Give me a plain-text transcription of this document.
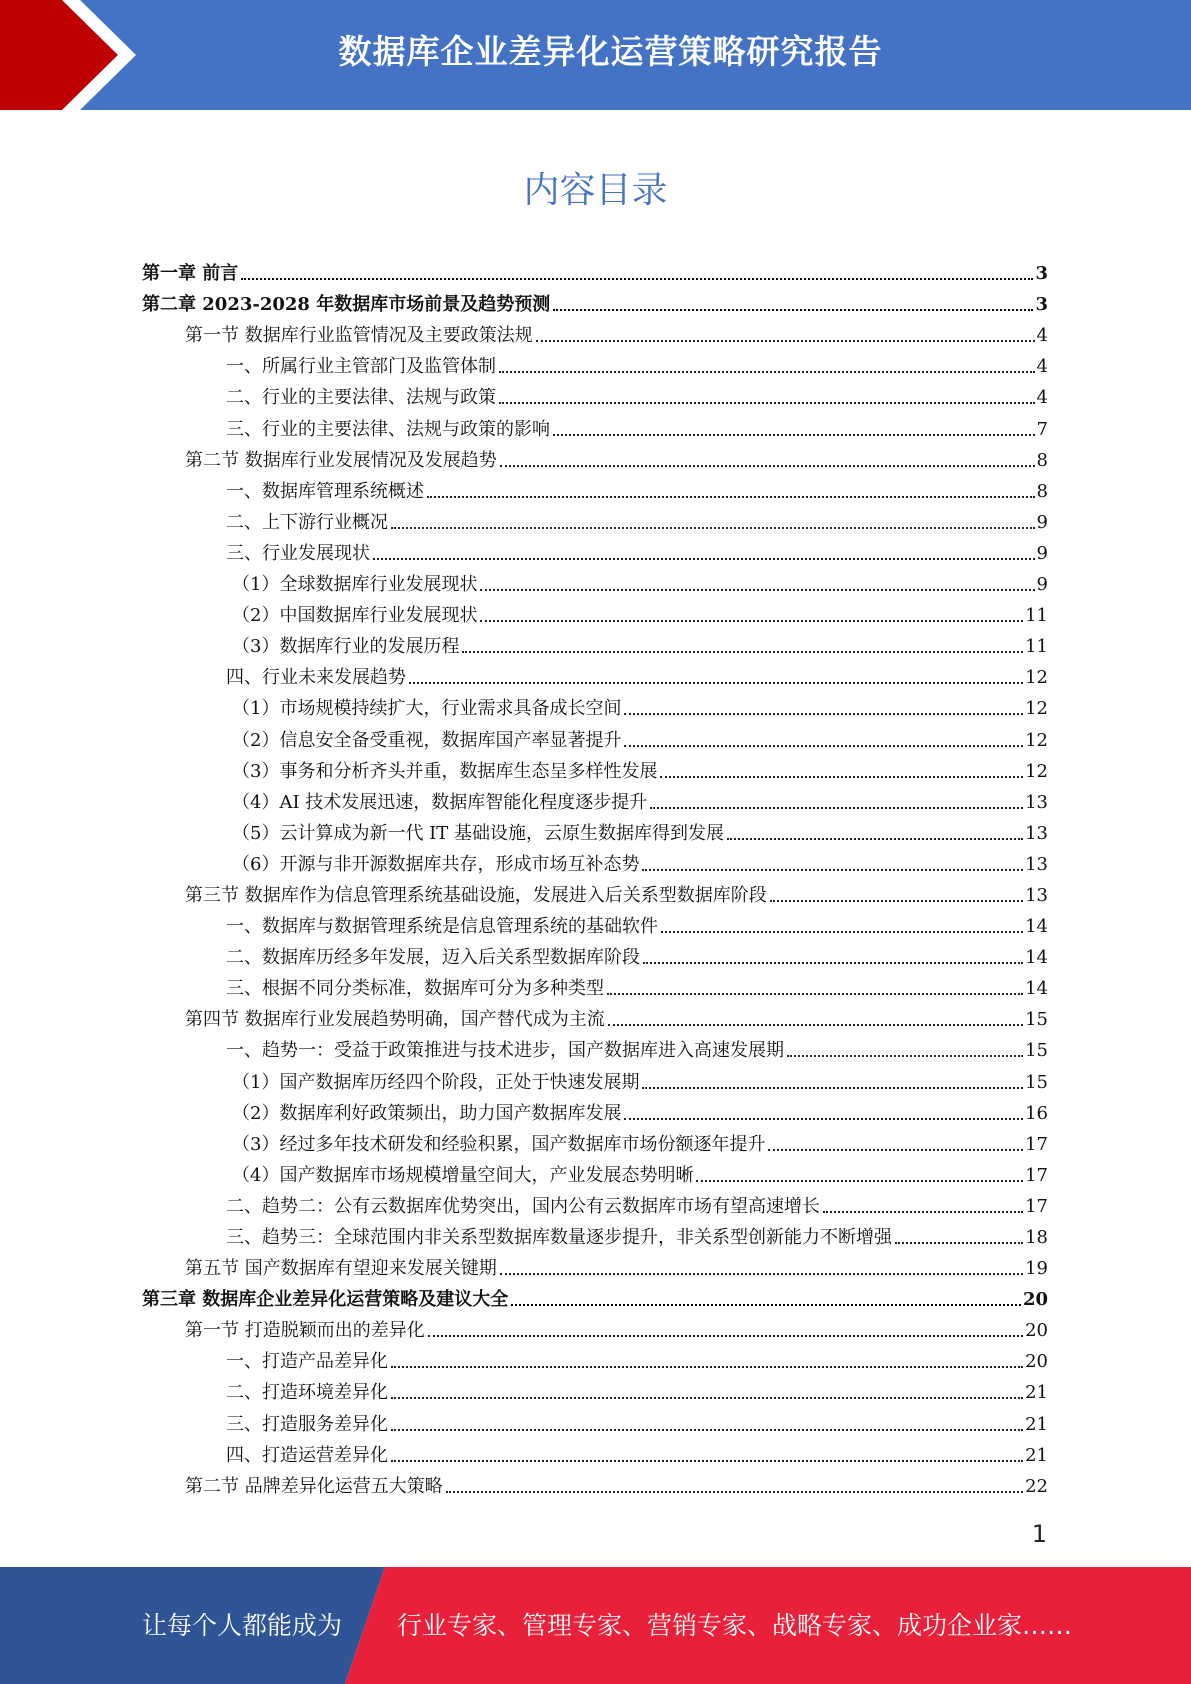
数据库企业差异化运营策略研究报告
内容目录
第一章 前言	3
第二章 2023-2028 年数据库市场前景及趋势预测	3
第一节 数据库行业监管情况及主要政策法规	4
一、所属行业主管部门及监管体制	4
二、行业的主要法律、法规与政策	4
三、行业的主要法律、法规与政策的影响	7
第二节 数据库行业发展情况及发展趋势	8
一、数据库管理系统概述	8
二、上下游行业概况	9
三、行业发展现状	9
（1）全球数据库行业发展现状	9
（2）中国数据库行业发展现状	11
（3）数据库行业的发展历程	11
四、行业未来发展趋势	12
（1）市场规模持续扩大，行业需求具备成长空间	12
（2）信息安全备受重视，数据库国产率显著提升	12
（3）事务和分析齐头并重，数据库生态呈多样性发展	12
（4）AI 技术发展迅速，数据库智能化程度逐步提升	13
（5）云计算成为新一代 IT 基础设施，云原生数据库得到发展	13
（6）开源与非开源数据库共存，形成市场互补态势	13
第三节 数据库作为信息管理系统基础设施，发展进入后关系型数据库阶段	13
一、数据库与数据管理系统是信息管理系统的基础软件	14
二、数据库历经多年发展，迈入后关系型数据库阶段	14
三、根据不同分类标准，数据库可分为多种类型	14
第四节 数据库行业发展趋势明确，国产替代成为主流	15
一、趋势一：受益于政策推进与技术进步，国产数据库进入高速发展期	15
（1）国产数据库历经四个阶段，正处于快速发展期	15
（2）数据库利好政策频出，助力国产数据库发展	16
（3）经过多年技术研发和经验积累，国产数据库市场份额逐年提升	17
（4）国产数据库市场规模增量空间大，产业发展态势明晰	17
二、趋势二：公有云数据库优势突出，国内公有云数据库市场有望高速增长	17
三、趋势三：全球范围内非关系型数据库数量逐步提升，非关系型创新能力不断增强	18
第五节 国产数据库有望迎来发展关键期	19
第三章 数据库企业差异化运营策略及建议大全	20
第一节 打造脱颖而出的差异化	20
一、打造产品差异化	20
二、打造环境差异化	21
三、打造服务差异化	21
四、打造运营差异化	21
第二节 品牌差异化运营五大策略	22
1
让每个人都能成为 行业专家、管理专家、营销专家、战略专家、成功企业家……
